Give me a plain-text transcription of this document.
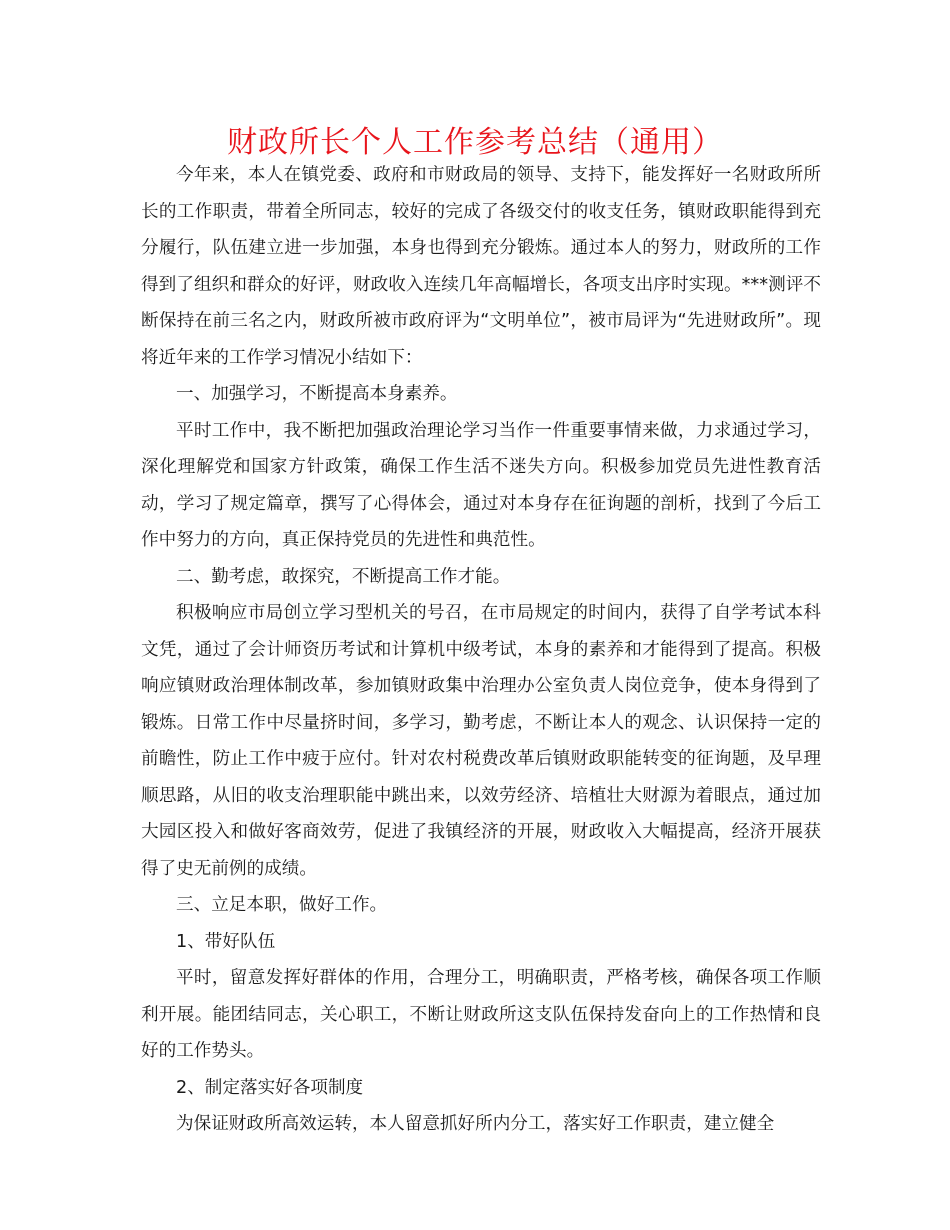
财政所长个人工作参考总结（通用）

今年来，本人在镇党委、政府和市财政局的领导、支持下，能发挥好一名财政所所长的工作职责，带着全所同志，较好的完成了各级交付的收支任务，镇财政职能得到充分履行，队伍建立进一步加强，本身也得到充分锻炼。通过本人的努力，财政所的工作得到了组织和群众的好评，财政收入连续几年高幅增长，各项支出序时实现。***测评不断保持在前三名之内，财政所被市政府评为“文明单位”，被市局评为“先进财政所”。现将近年来的工作学习情况小结如下：

一、加强学习，不断提高本身素养。

平时工作中，我不断把加强政治理论学习当作一件重要事情来做，力求通过学习，深化理解党和国家方针政策，确保工作生活不迷失方向。积极参加党员先进性教育活动，学习了规定篇章，撰写了心得体会，通过对本身存在征询题的剖析，找到了今后工作中努力的方向，真正保持党员的先进性和典范性。

二、勤考虑，敢探究，不断提高工作才能。

积极响应市局创立学习型机关的号召，在市局规定的时间内，获得了自学考试本科文凭，通过了会计师资历考试和计算机中级考试，本身的素养和才能得到了提高。积极响应镇财政治理体制改革，参加镇财政集中治理办公室负责人岗位竞争，使本身得到了锻炼。日常工作中尽量挤时间，多学习，勤考虑，不断让本人的观念、认识保持一定的前瞻性，防止工作中疲于应付。针对农村税费改革后镇财政职能转变的征询题，及早理顺思路，从旧的收支治理职能中跳出来，以效劳经济、培植壮大财源为着眼点，通过加大园区投入和做好客商效劳，促进了我镇经济的开展，财政收入大幅提高，经济开展获得了史无前例的成绩。

三、立足本职，做好工作。

1、带好队伍

平时，留意发挥好群体的作用，合理分工，明确职责，严格考核，确保各项工作顺利开展。能团结同志，关心职工，不断让财政所这支队伍保持发奋向上的工作热情和良好的工作势头。

2、制定落实好各项制度

为保证财政所高效运转，本人留意抓好所内分工，落实好工作职责，建立健全
